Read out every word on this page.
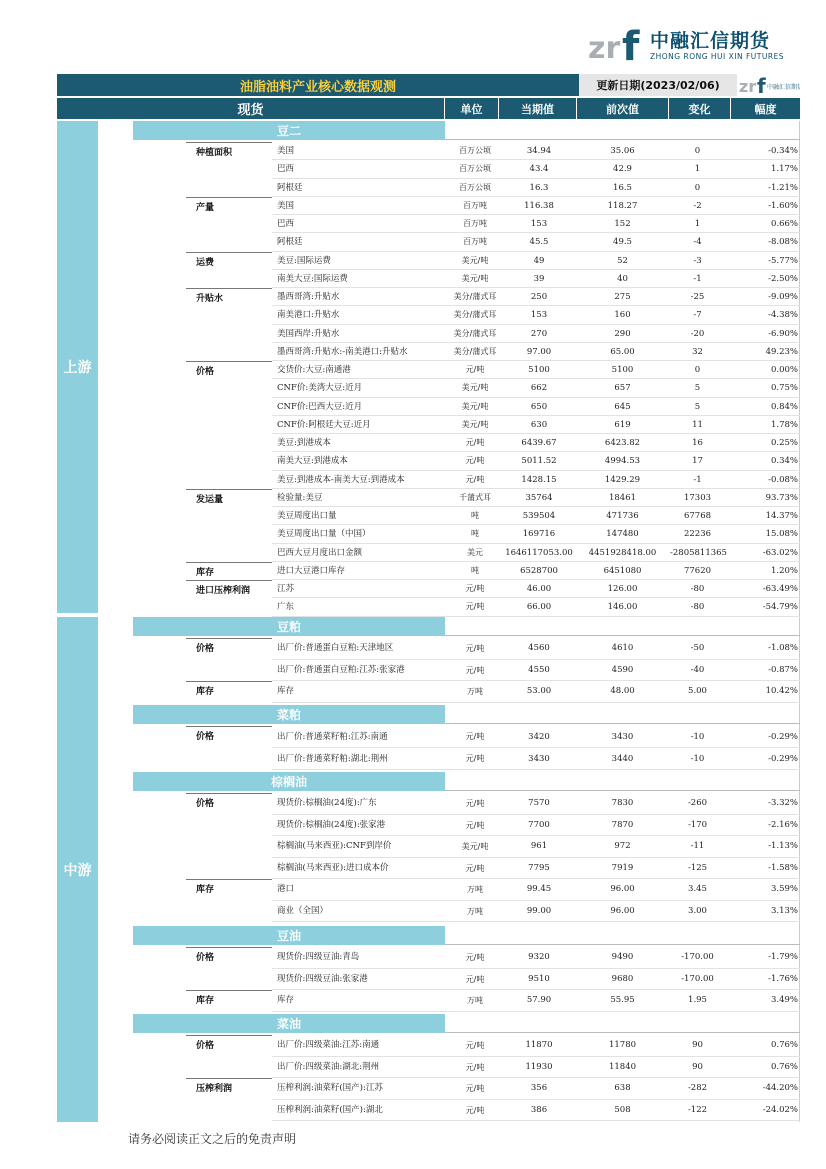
zr f 中融汇信期货
ZHONG RONG HUI XIN FUTURES
油脂油料产业核心数据观测	更新日期(2023/02/06)	zr f 中融汇信期货
现货	单位	当期值	前次值	变化	幅度
上游
中游
豆二
种植面积	美国	百万公顷	34.94	35.06	0	-0.34%
巴西	百万公顷	43.4	42.9	1	1.17%
阿根廷	百万公顷	16.3	16.5	0	-1.21%
产量	美国	百万吨	116.38	118.27	-2	-1.60%
巴西	百万吨	153	152	1	0.66%
阿根廷	百万吨	45.5	49.5	-4	-8.08%
运费	美豆:国际运费	美元/吨	49	52	-3	-5.77%
南美大豆:国际运费	美元/吨	39	40	-1	-2.50%
升贴水	墨西哥湾:升贴水	美分/蒲式耳	250	275	-25	-9.09%
南美港口:升贴水	美分/蒲式耳	153	160	-7	-4.38%
美国西岸:升贴水	美分/蒲式耳	270	290	-20	-6.90%
墨西哥湾:升贴水:-南美港口:升贴水	美分/蒲式耳	97.00	65.00	32	49.23%
价格	交货价:大豆:南通港	元/吨	5100	5100	0	0.00%
CNF价:美湾大豆:近月	美元/吨	662	657	5	0.75%
CNF价:巴西大豆:近月	美元/吨	650	645	5	0.84%
CNF价:阿根廷大豆:近月	美元/吨	630	619	11	1.78%
美豆:到港成本	元/吨	6439.67	6423.82	16	0.25%
南美大豆:到港成本	元/吨	5011.52	4994.53	17	0.34%
美豆:到港成本-南美大豆:到港成本	元/吨	1428.15	1429.29	-1	-0.08%
发运量	检验量:美豆	千蒲式耳	35764	18461	17303	93.73%
美豆周度出口量	吨	539504	471736	67768	14.37%
美豆周度出口量（中国）	吨	169716	147480	22236	15.08%
巴西大豆月度出口金额	美元	1646117053.00	4451928418.00	-2805811365	-63.02%
库存	进口大豆港口库存	吨	6528700	6451080	77620	1.20%
进口压榨利润	江苏	元/吨	46.00	126.00	-80	-63.49%
广东	元/吨	66.00	146.00	-80	-54.79%
豆粕
价格	出厂价:普通蛋白豆粕:天津地区	元/吨	4560	4610	-50	-1.08%
出厂价:普通蛋白豆粕:江苏:张家港	元/吨	4550	4590	-40	-0.87%
库存	库存	万吨	53.00	48.00	5.00	10.42%
菜粕
价格	出厂价:普通菜籽粕:江苏:南通	元/吨	3420	3430	-10	-0.29%
出厂价:普通菜籽粕:湖北:荆州	元/吨	3430	3440	-10	-0.29%
棕榈油
价格	现货价:棕榈油(24度):广东	元/吨	7570	7830	-260	-3.32%
现货价:棕榈油(24度):张家港	元/吨	7700	7870	-170	-2.16%
棕榈油(马来西亚):CNF到岸价	美元/吨	961	972	-11	-1.13%
棕榈油(马来西亚):进口成本价	元/吨	7795	7919	-125	-1.58%
库存	港口	万吨	99.45	96.00	3.45	3.59%
商业（全国）	万吨	99.00	96.00	3.00	3.13%
豆油
价格	现货价:四级豆油:青岛	元/吨	9320	9490	-170.00	-1.79%
现货价:四级豆油:张家港	元/吨	9510	9680	-170.00	-1.76%
库存	库存	万吨	57.90	55.95	1.95	3.49%
菜油
价格	出厂价:四级菜油:江苏:南通	元/吨	11870	11780	90	0.76%
出厂价:四级菜油:湖北:荆州	元/吨	11930	11840	90	0.76%
压榨利润	压榨利润:油菜籽(国产):江苏	元/吨	356	638	-282	-44.20%
压榨利润:油菜籽(国产):湖北	元/吨	386	508	-122	-24.02%
请务必阅读正文之后的免责声明
